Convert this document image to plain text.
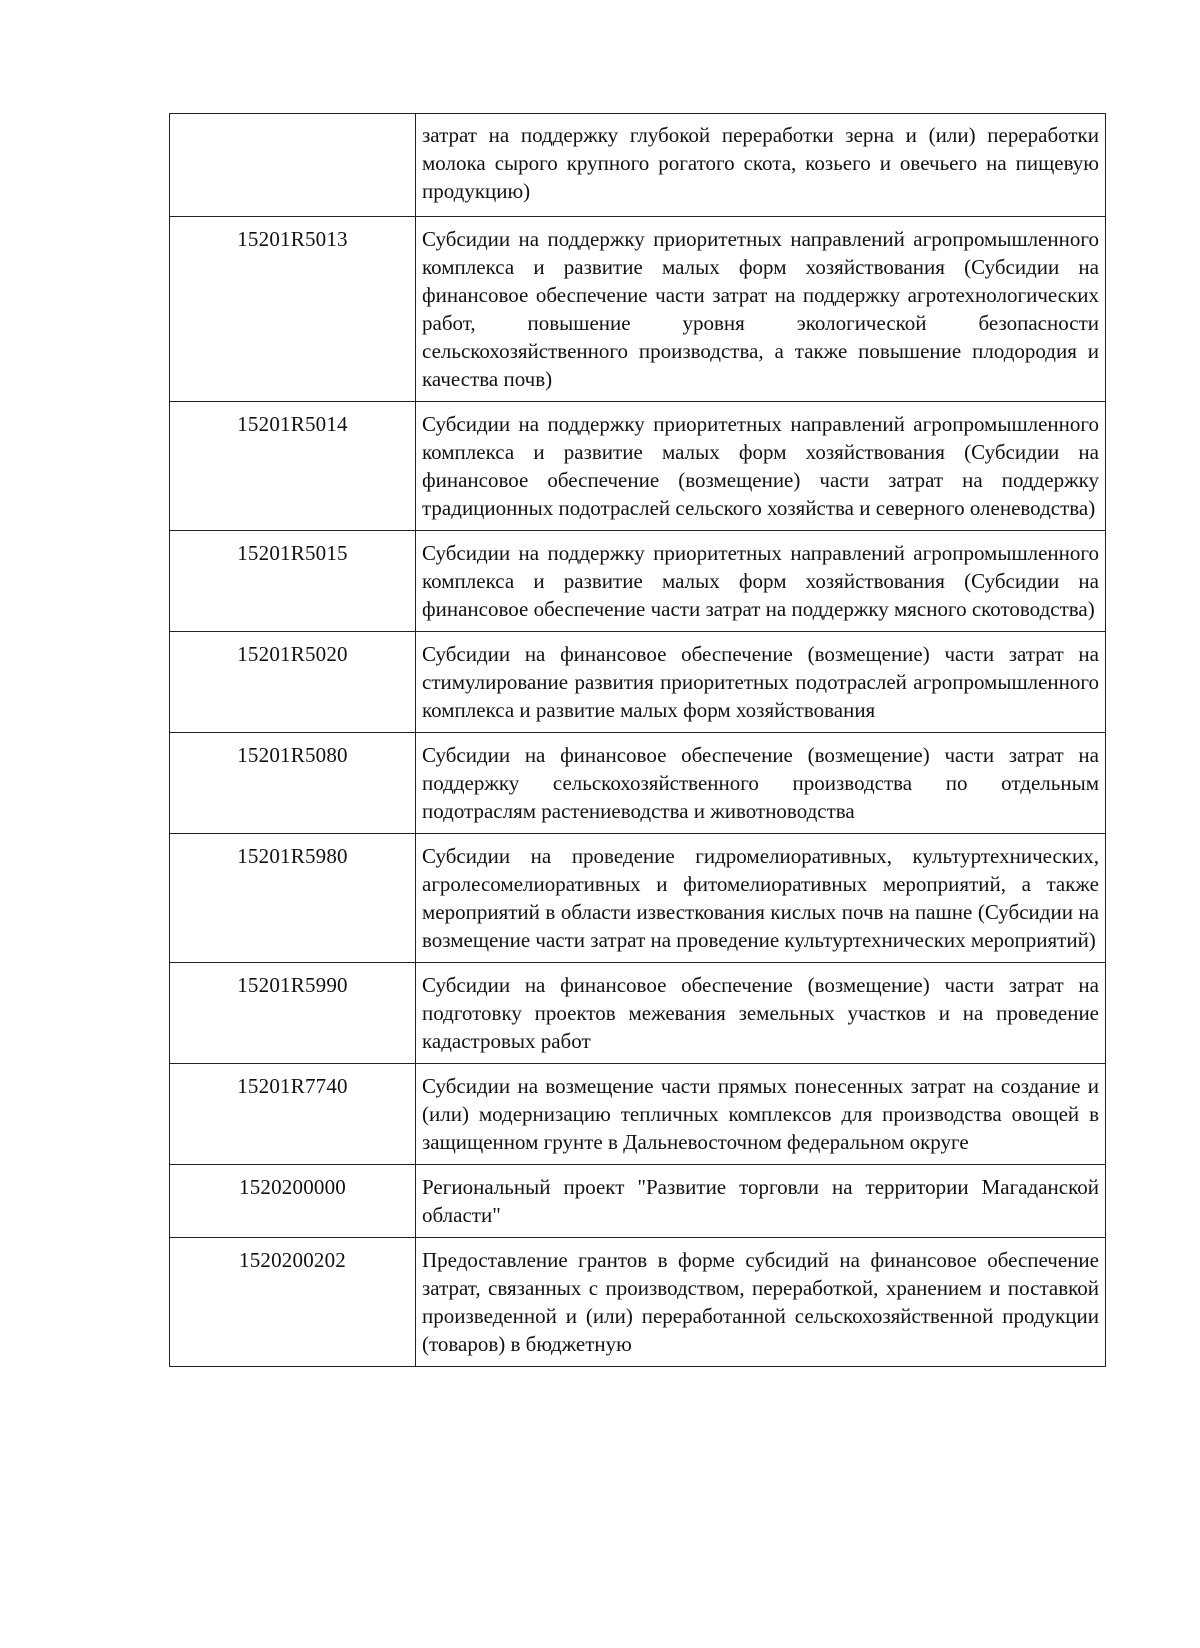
	затрат на поддержку глубокой переработки зерна и (или) переработки молока сырого крупного рогатого скота, козьего и овечьего на пищевую продукцию)
15201R5013	Субсидии на поддержку приоритетных направлений агропромышленного комплекса и развитие малых форм хозяйствования (Субсидии на финансовое обеспечение части затрат на поддержку агротехнологических работ, повышение уровня экологической безопасности сельскохозяйственного производства, а также повышение плодородия и качества почв)
15201R5014	Субсидии на поддержку приоритетных направлений агропромышленного комплекса и развитие малых форм хозяйствования (Субсидии на финансовое обеспечение (возмещение) части затрат на поддержку традиционных подотраслей сельского хозяйства и северного оленеводства)
15201R5015	Субсидии на поддержку приоритетных направлений агропромышленного комплекса и развитие малых форм хозяйствования (Субсидии на финансовое обеспечение части затрат на поддержку мясного скотоводства)
15201R5020	Субсидии на финансовое обеспечение (возмещение) части затрат на стимулирование развития приоритетных подотраслей агропромышленного комплекса и развитие малых форм хозяйствования
15201R5080	Субсидии на финансовое обеспечение (возмещение) части затрат на поддержку сельскохозяйственного производства по отдельным подотраслям растениеводства и животноводства
15201R5980	Субсидии на проведение гидромелиоративных, культуртехнических, агролесомелиоративных и фитомелиоративных мероприятий, а также мероприятий в области известкования кислых почв на пашне (Субсидии на возмещение части затрат на проведение культуртехнических мероприятий)
15201R5990	Субсидии на финансовое обеспечение (возмещение) части затрат на подготовку проектов межевания земельных участков и на проведение кадастровых работ
15201R7740	Субсидии на возмещение части прямых понесенных затрат на создание и (или) модернизацию тепличных комплексов для производства овощей в защищенном грунте в Дальневосточном федеральном округе
1520200000	Региональный проект "Развитие торговли на территории Магаданской области"
1520200202	Предоставление грантов в форме субсидий на финансовое обеспечение затрат, связанных с производством, переработкой, хранением и поставкой произведенной и (или) переработанной сельскохозяйственной продукции (товаров) в бюджетную
